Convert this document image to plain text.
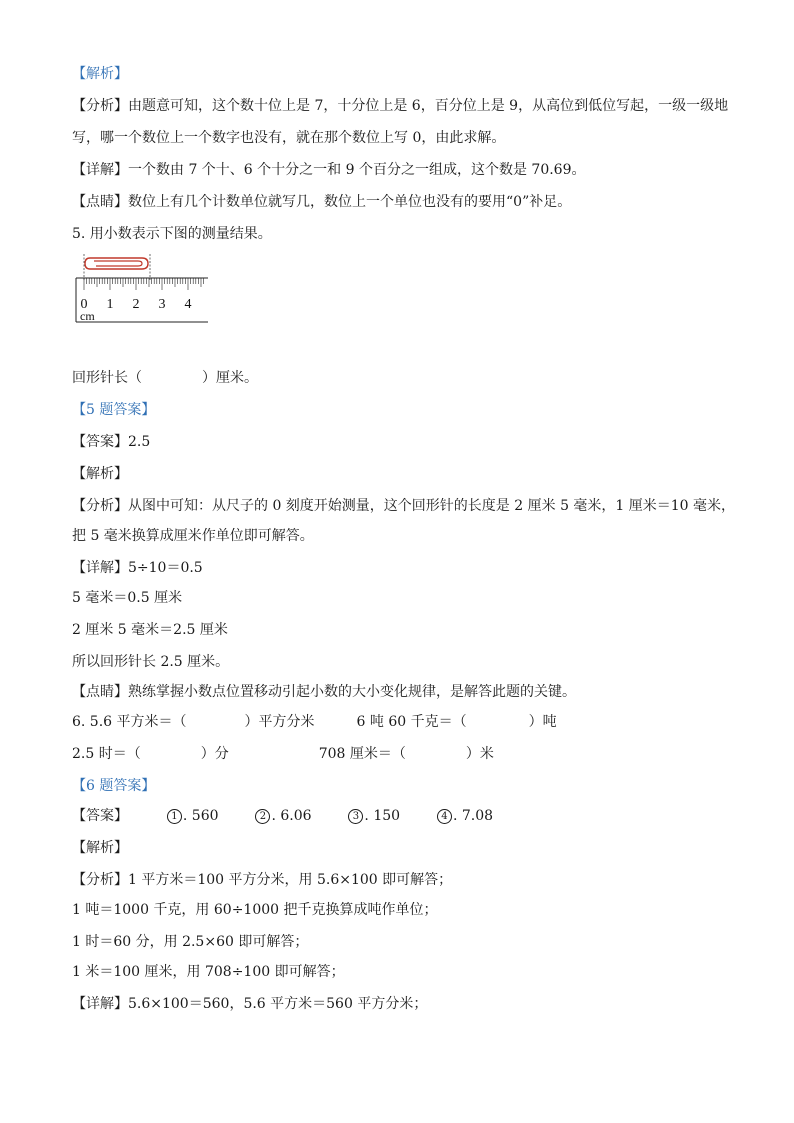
【解析】
【分析】由题意可知，这个数十位上是 7，十分位上是 6，百分位上是 9，从高位到低位写起，一级一级地
写，哪一个数位上一个数字也没有，就在那个数位上写 0，由此求解。
【详解】一个数由 7 个十、6 个十分之一和 9 个百分之一组成，这个数是 70.69。
【点睛】数位上有几个计数单位就写几，数位上一个单位也没有的要用“0”补足。
5. 用小数表示下图的测量结果。
0 1 2 3 4
cm
回形针长（	）厘米。
【5 题答案】
【答案】2.5
【解析】
【分析】从图中可知：从尺子的 0 刻度开始测量，这个回形针的长度是 2 厘米 5 毫米，1 厘米＝10 毫米，
把 5 毫米换算成厘米作单位即可解答。
【详解】5÷10＝0.5
5 毫米＝0.5 厘米
2 厘米 5 毫米＝2.5 厘米
所以回形针长 2.5 厘米。
【点睛】熟练掌握小数点位置移动引起小数的大小变化规律，是解答此题的关键。
6. 5.6 平方米＝（	）平方分米	6 吨 60 千克＝（	）吨
2.5 时＝（	）分	708 厘米＝（	）米
【6 题答案】
【答案】	1 . 560	2 . 6.06	3 . 150	4 . 7.08
【解析】
【分析】1 平方米＝100 平方分米，用 5.6×100 即可解答；
1 吨＝1000 千克，用 60÷1000 把千克换算成吨作单位；
1 时＝60 分，用 2.5×60 即可解答；
1 米＝100 厘米，用 708÷100 即可解答；
【详解】5.6×100＝560，5.6 平方米＝560 平方分米；
